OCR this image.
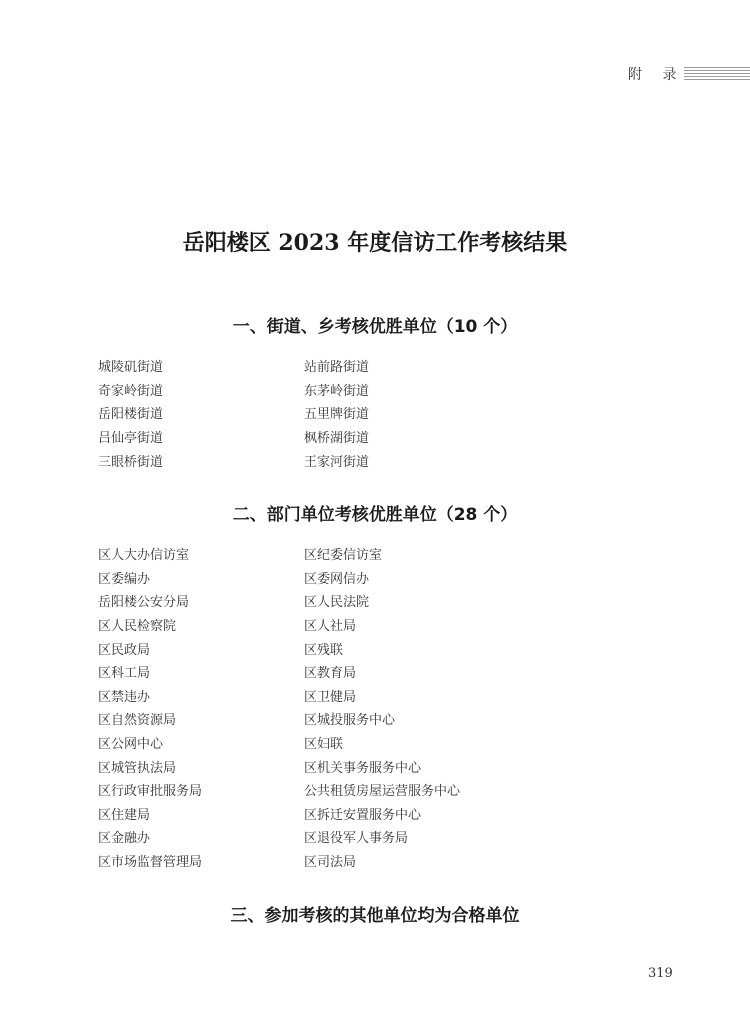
附 录
岳阳楼区 2023 年度信访工作考核结果
一、街道、乡考核优胜单位（10 个）
城陵矶街道	站前路街道
奇家岭街道	东茅岭街道
岳阳楼街道	五里牌街道
吕仙亭街道	枫桥湖街道
三眼桥街道	王家河街道
二、部门单位考核优胜单位（28 个）
区人大办信访室	区纪委信访室
区委编办	区委网信办
岳阳楼公安分局	区人民法院
区人民检察院	区人社局
区民政局	区残联
区科工局	区教育局
区禁违办	区卫健局
区自然资源局	区城投服务中心
区公网中心	区妇联
区城管执法局	区机关事务服务中心
区行政审批服务局	公共租赁房屋运营服务中心
区住建局	区拆迁安置服务中心
区金融办	区退役军人事务局
区市场监督管理局	区司法局
三、参加考核的其他单位均为合格单位
319
